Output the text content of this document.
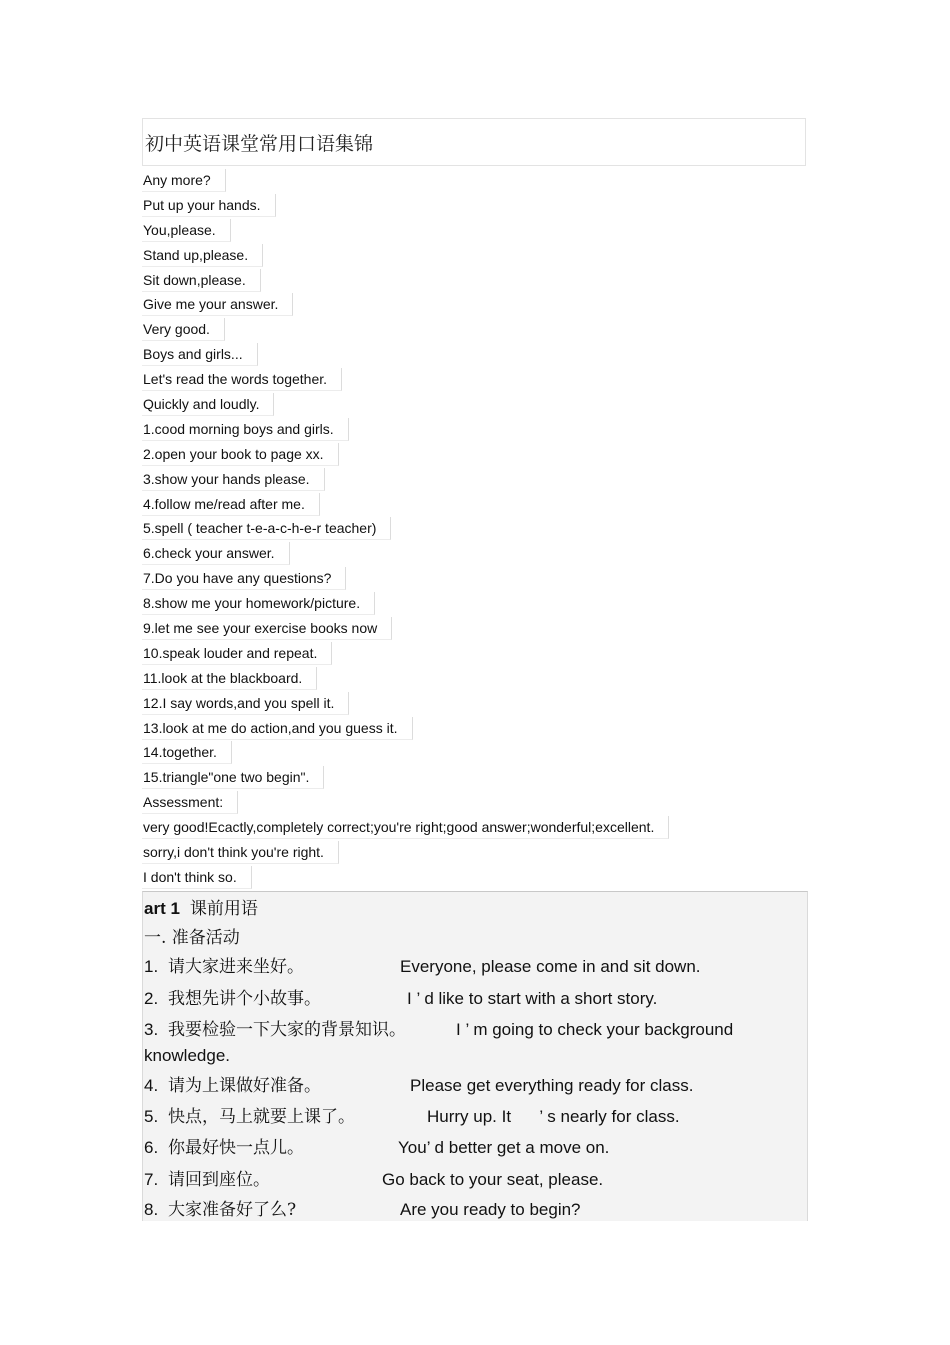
初中英语课堂常用口语集锦
Any more?
Put up your hands.
You,please.
Stand up,please.
Sit down,please.
Give me your answer.
Very good.
Boys and girls...
Let's read the words together.
Quickly and loudly.
1.cood morning boys and girls.
2.open your book to page xx.
3.show your hands please.
4.follow me/read after me.
5.spell ( teacher t-e-a-c-h-e-r teacher)
6.check your answer.
7.Do you have any questions?
8.show me your homework/picture.
9.let me see your exercise books now
10.speak louder and repeat.
11.look at the blackboard.
12.I say words,and you spell it.
13.look at me do action,and you guess it.
14.together.
15.triangle"one two begin".
Assessment:
very good!Ecactly,completely correct;you're right;good answer;wonderful;excellent.
sorry,i don't think you're right.
I don't think so.
art 1 课前用语
一. 准备活动
1. 请大家进来坐好。	Everyone, please come in and sit down.
2. 我想先讲个小故事。	I ’ d like to start with a short story.
3. 我要检验一下大家的背景知识。	I ’ m going to check your background
knowledge.
4. 请为上课做好准备。	Please get everything ready for class.
5. 快点，马上就要上课了。	Hurry up. It      ’ s nearly for class.
6. 你最好快一点儿。	You’ d better get a move on.
7. 请回到座位。	Go back to your seat, please.
8. 大家准备好了么?	Are you ready to begin?
